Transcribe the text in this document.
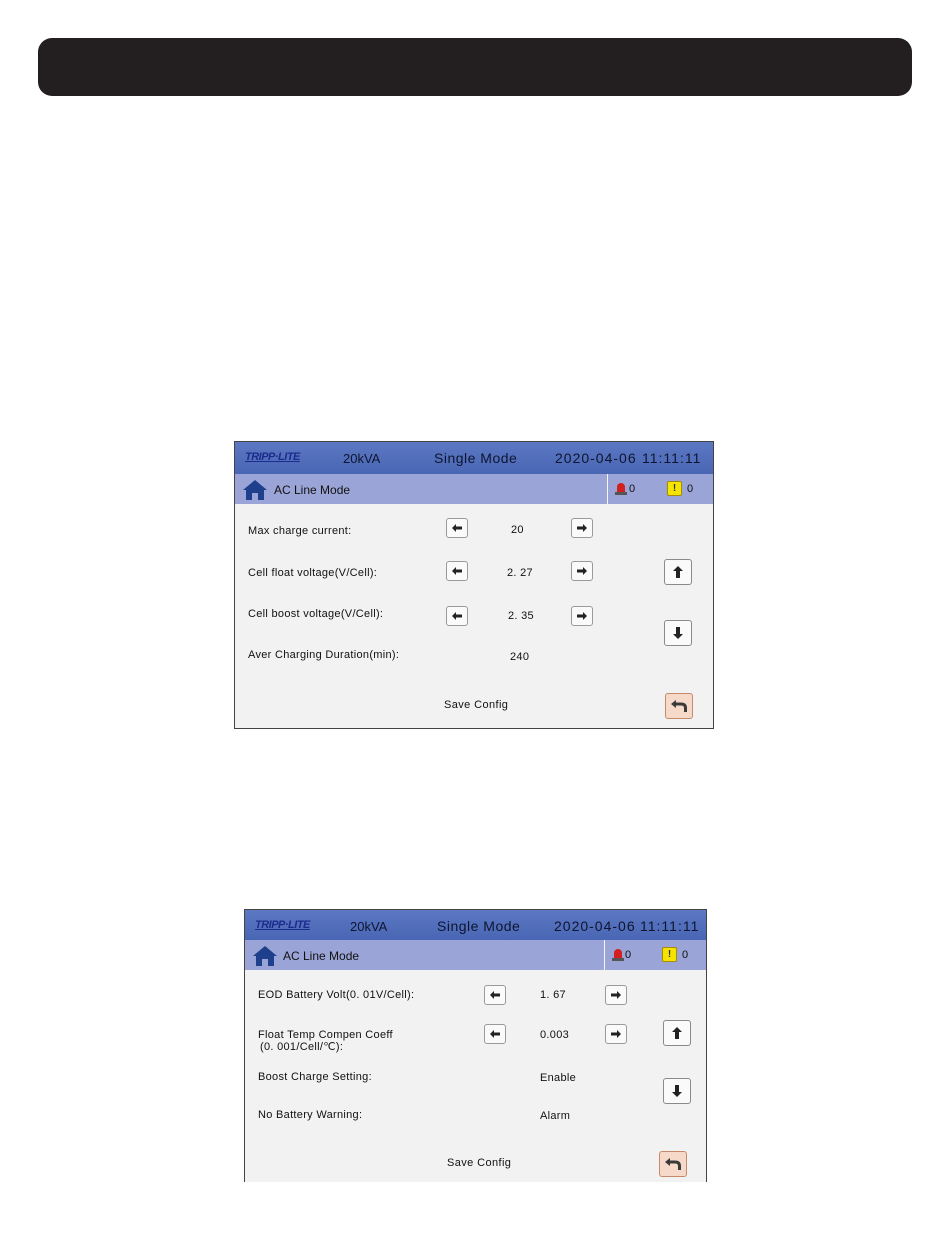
TRIPP·LITE	20kVA	Single Mode	2020-04-06 11:11:11
AC Line Mode	0	! 0
Max charge current:	20
Cell float voltage(V/Cell):	2. 27
Cell boost voltage(V/Cell):	2. 35
Aver Charging Duration(min):	240
Save Config
TRIPP·LITE	20kVA	Single Mode 2020-04-06 11:11:11
AC Line Mode	0	! 0
EOD Battery Volt(0. 01V/Cell):	1. 67
Float Temp Compen Coeff
(0. 001/Cell/℃):
0.003
Boost Charge Setting:	Enable
No Battery Warning:	Alarm
Save Config
